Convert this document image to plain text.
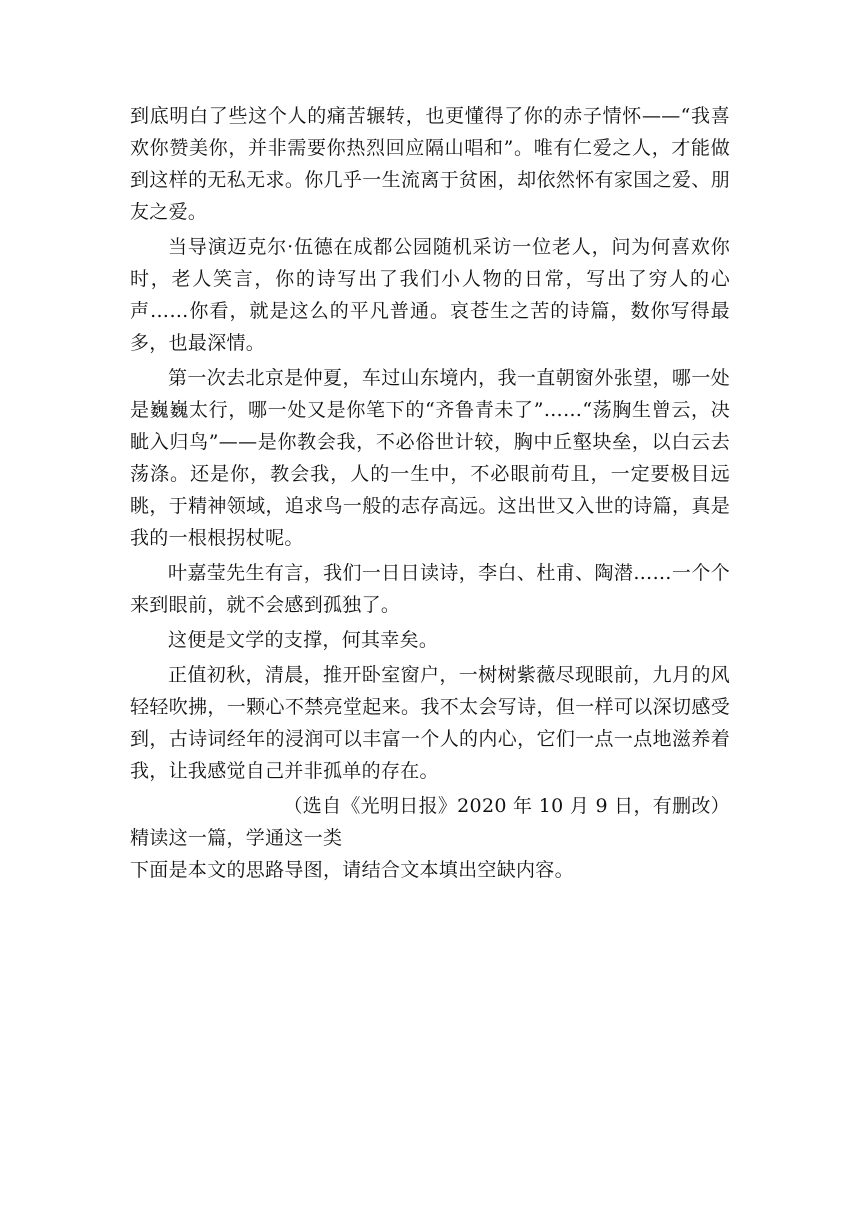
到底明白了些这个人的痛苦辗转，也更懂得了你的赤子情怀——“我喜欢你赞美你，并非需要你热烈回应隔山唱和”。唯有仁爱之人，才能做到这样的无私无求。你几乎一生流离于贫困，却依然怀有家国之爱、朋友之爱。

当导演迈克尔·伍德在成都公园随机采访一位老人，问为何喜欢你时，老人笑言，你的诗写出了我们小人物的日常，写出了穷人的心声……你看，就是这么的平凡普通。哀苍生之苦的诗篇，数你写得最多，也最深情。

第一次去北京是仲夏，车过山东境内，我一直朝窗外张望，哪一处是巍巍太行，哪一处又是你笔下的“齐鲁青未了”……“荡胸生曾云，决眦入归鸟”——是你教会我，不必俗世计较，胸中丘壑块垒，以白云去荡涤。还是你，教会我，人的一生中，不必眼前苟且，一定要极目远眺，于精神领域，追求鸟一般的志存高远。这出世又入世的诗篇，真是我的一根根拐杖呢。

叶嘉莹先生有言，我们一日日读诗，李白、杜甫、陶潜……一个个来到眼前，就不会感到孤独了。

这便是文学的支撑，何其幸矣。

正值初秋，清晨，推开卧室窗户，一树树紫薇尽现眼前，九月的风轻轻吹拂，一颗心不禁亮堂起来。我不太会写诗，但一样可以深切感受到，古诗词经年的浸润可以丰富一个人的内心，它们一点一点地滋养着我，让我感觉自己并非孤单的存在。

（选自《光明日报》2020 年 10 月 9 日，有删改）

精读这一篇，学通这一类

下面是本文的思路导图，请结合文本填出空缺内容。
